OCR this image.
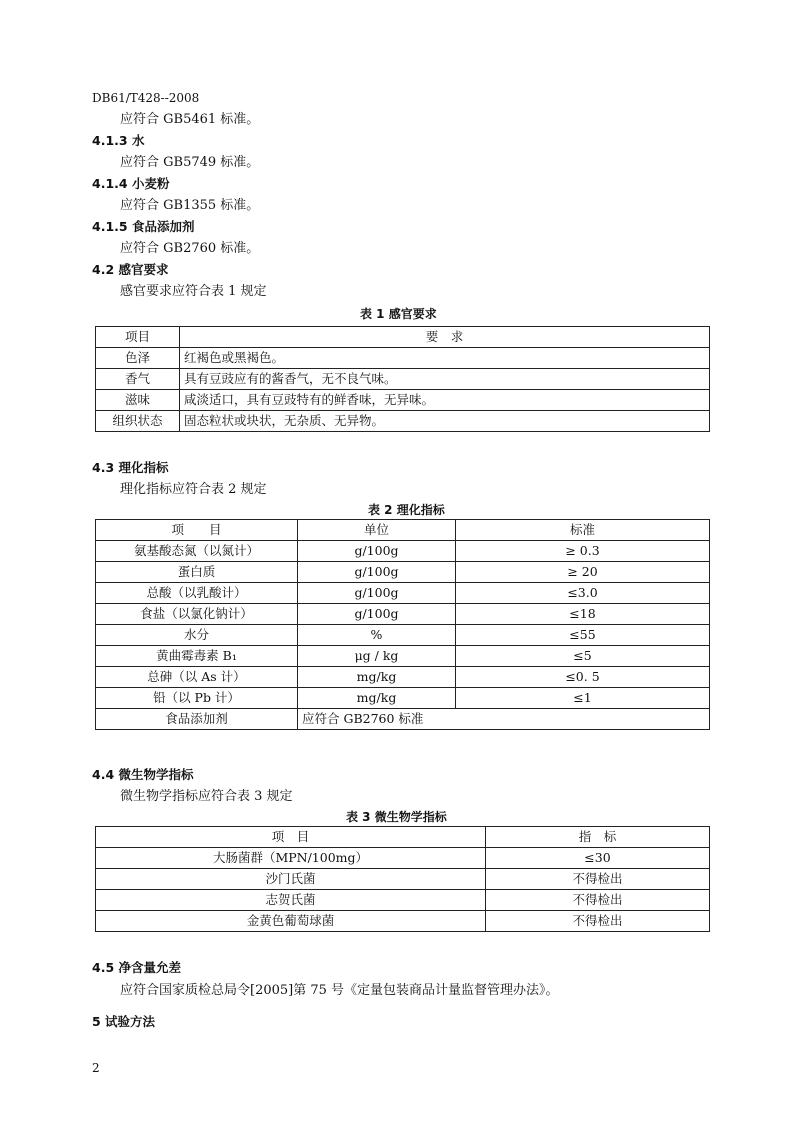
DB61/T428--2008
应符合 GB5461 标准。
4.1.3 水
应符合 GB5749 标准。
4.1.4 小麦粉
应符合 GB1355 标准。
4.1.5 食品添加剂
应符合 GB2760 标准。
4.2 感官要求
感官要求应符合表 1 规定
表 1 感官要求
项目	要　求
色泽	红褐色或黑褐色。
香气	具有豆豉应有的酱香气，无不良气味。
滋味	咸淡适口，具有豆豉特有的鲜香味，无异味。
组织状态	固态粒状或块状，无杂质、无异物。
4.3 理化指标
理化指标应符合表 2 规定
表 2 理化指标
项　　目	单位	标准
氨基酸态氮（以氮计）	g/100g	≥ 0.3
蛋白质	g/100g	≥ 20
总酸（以乳酸计）	g/100g	≤3.0
食盐（以氯化钠计）	g/100g	≤18
水分	%	≤55
黄曲霉毒素 B₁	μg / kg	≤5
总砷（以 As 计）	mg/kg	≤0. 5
铅（以 Pb 计）	mg/kg	≤1
食品添加剂	应符合 GB2760 标准	
4.4 微生物学指标
微生物学指标应符合表 3 规定
表 3 微生物学指标
项　目	指　标
大肠菌群（MPN/100mg）	≤30
沙门氏菌	不得检出
志贺氏菌	不得检出
金黄色葡萄球菌	不得检出
4.5 净含量允差
应符合国家质检总局令[2005]第 75 号《定量包装商品计量监督管理办法》。
5 试验方法
2
